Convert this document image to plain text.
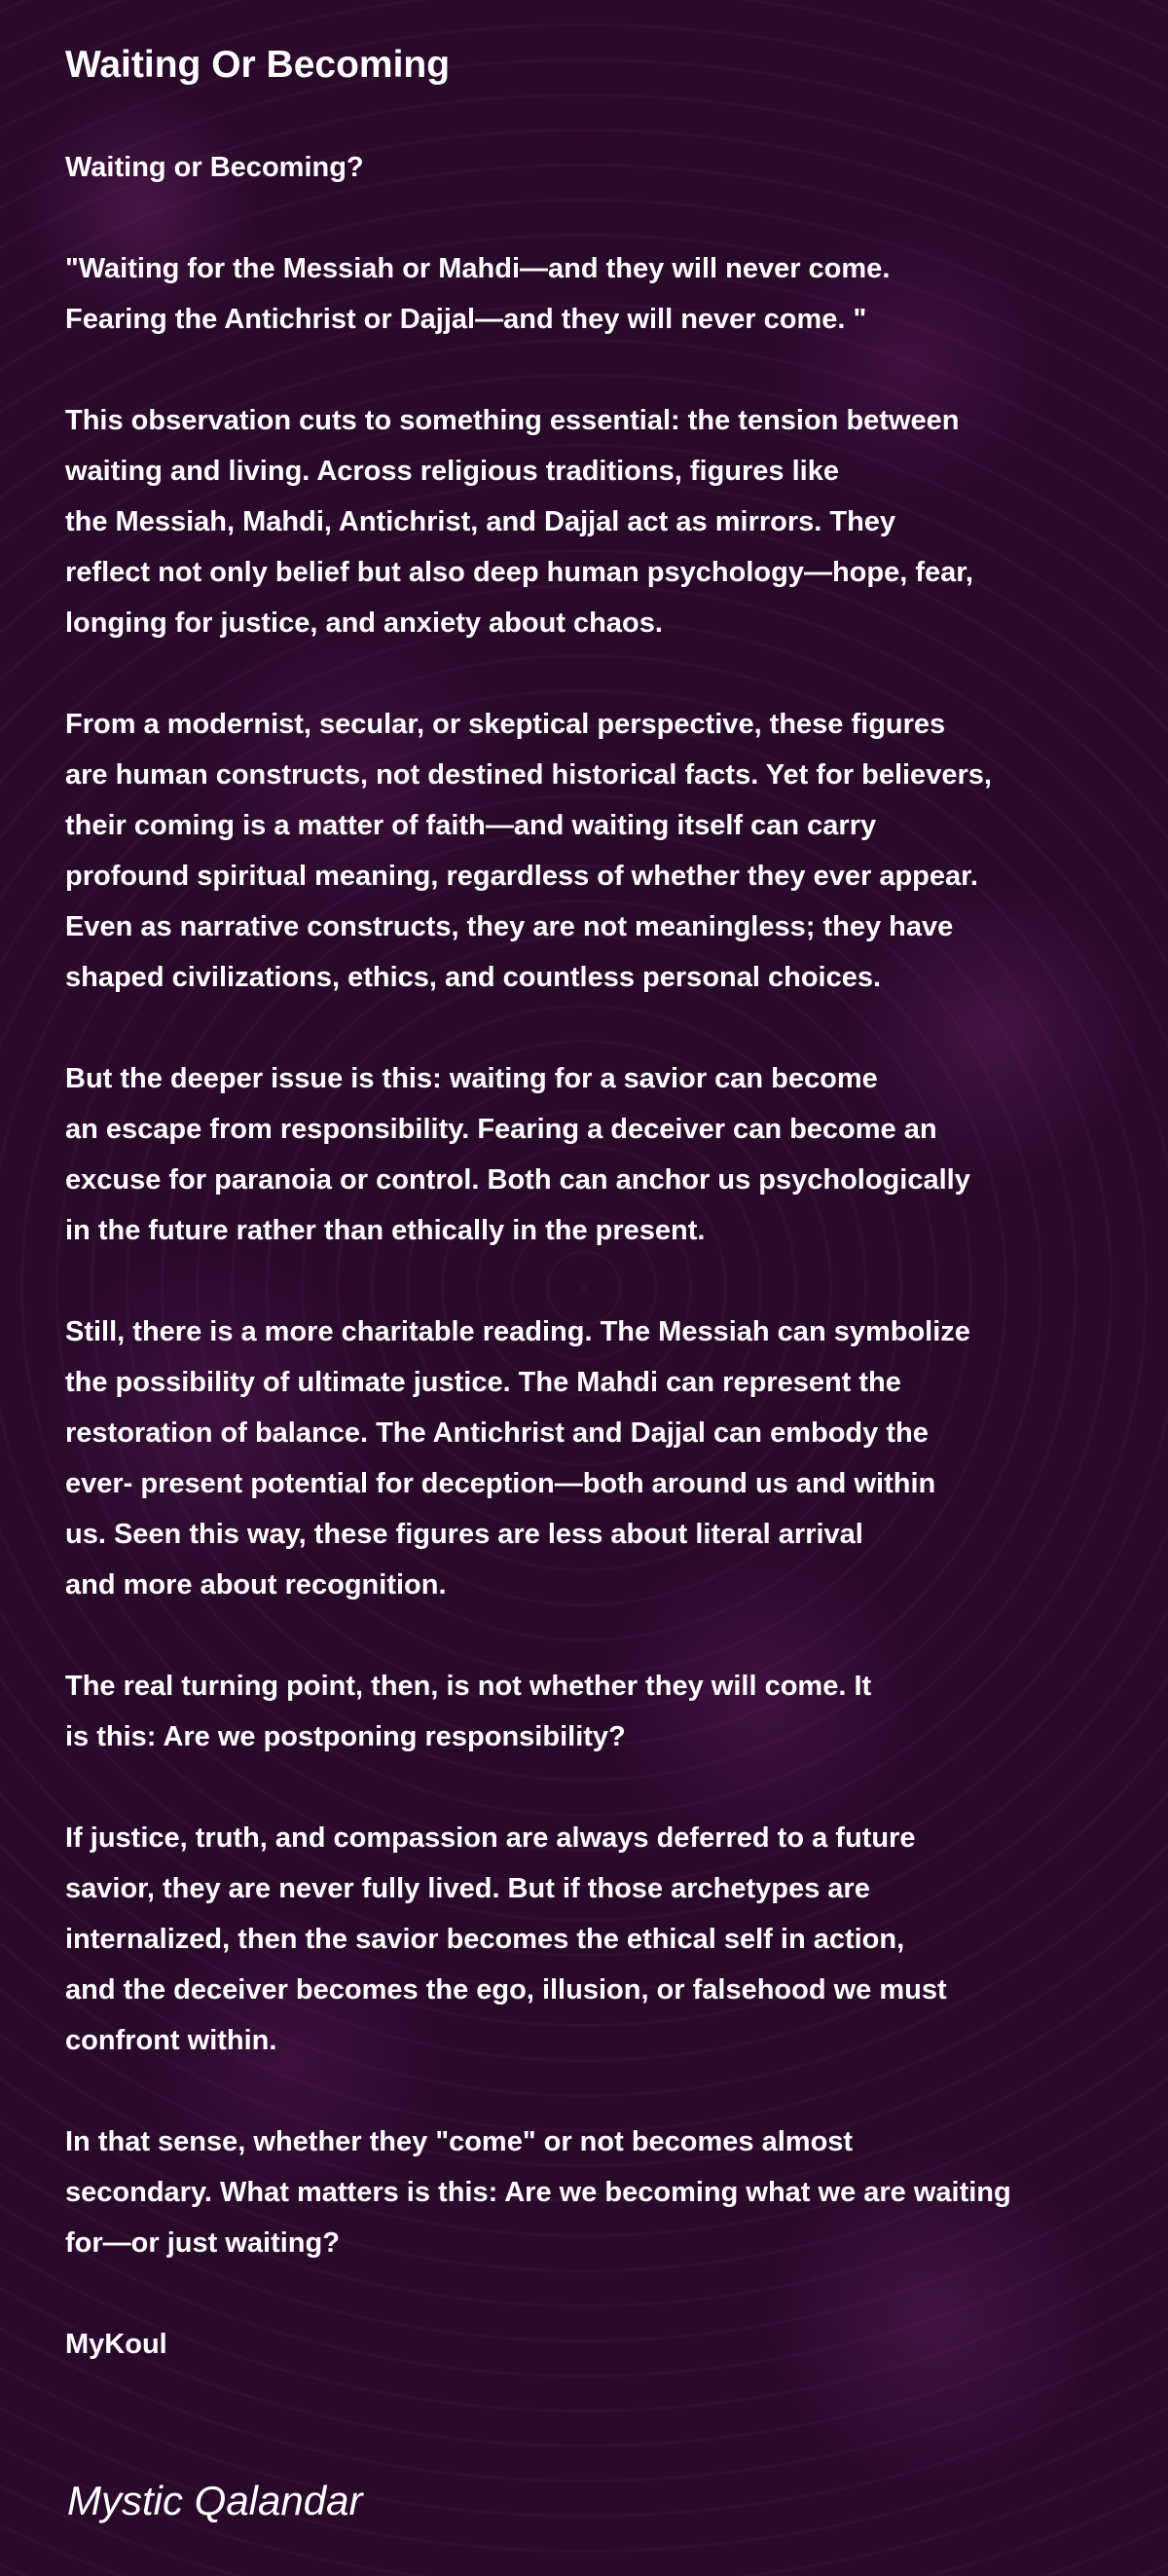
Waiting Or Becoming
Waiting or Becoming?
"Waiting for the Messiah or Mahdi—and they will never come.
Fearing the Antichrist or Dajjal—and they will never come. "
This observation cuts to something essential: the tension between
waiting and living. Across religious traditions, figures like
the Messiah, Mahdi, Antichrist, and Dajjal act as mirrors. They
reflect not only belief but also deep human psychology—hope, fear,
longing for justice, and anxiety about chaos.
From a modernist, secular, or skeptical perspective, these figures
are human constructs, not destined historical facts. Yet for believers,
their coming is a matter of faith—and waiting itself can carry
profound spiritual meaning, regardless of whether they ever appear.
Even as narrative constructs, they are not meaningless; they have
shaped civilizations, ethics, and countless personal choices.
But the deeper issue is this: waiting for a savior can become
an escape from responsibility. Fearing a deceiver can become an
excuse for paranoia or control. Both can anchor us psychologically
in the future rather than ethically in the present.
Still, there is a more charitable reading. The Messiah can symbolize
the possibility of ultimate justice. The Mahdi can represent the
restoration of balance. The Antichrist and Dajjal can embody the
ever- present potential for deception—both around us and within
us. Seen this way, these figures are less about literal arrival
and more about recognition.
The real turning point, then, is not whether they will come. It
is this: Are we postponing responsibility?
If justice, truth, and compassion are always deferred to a future
savior, they are never fully lived. But if those archetypes are
internalized, then the savior becomes the ethical self in action,
and the deceiver becomes the ego, illusion, or falsehood we must
confront within.
In that sense, whether they "come" or not becomes almost
secondary. What matters is this: Are we becoming what we are waiting
for—or just waiting?
MyKoul
Mystic Qalandar
